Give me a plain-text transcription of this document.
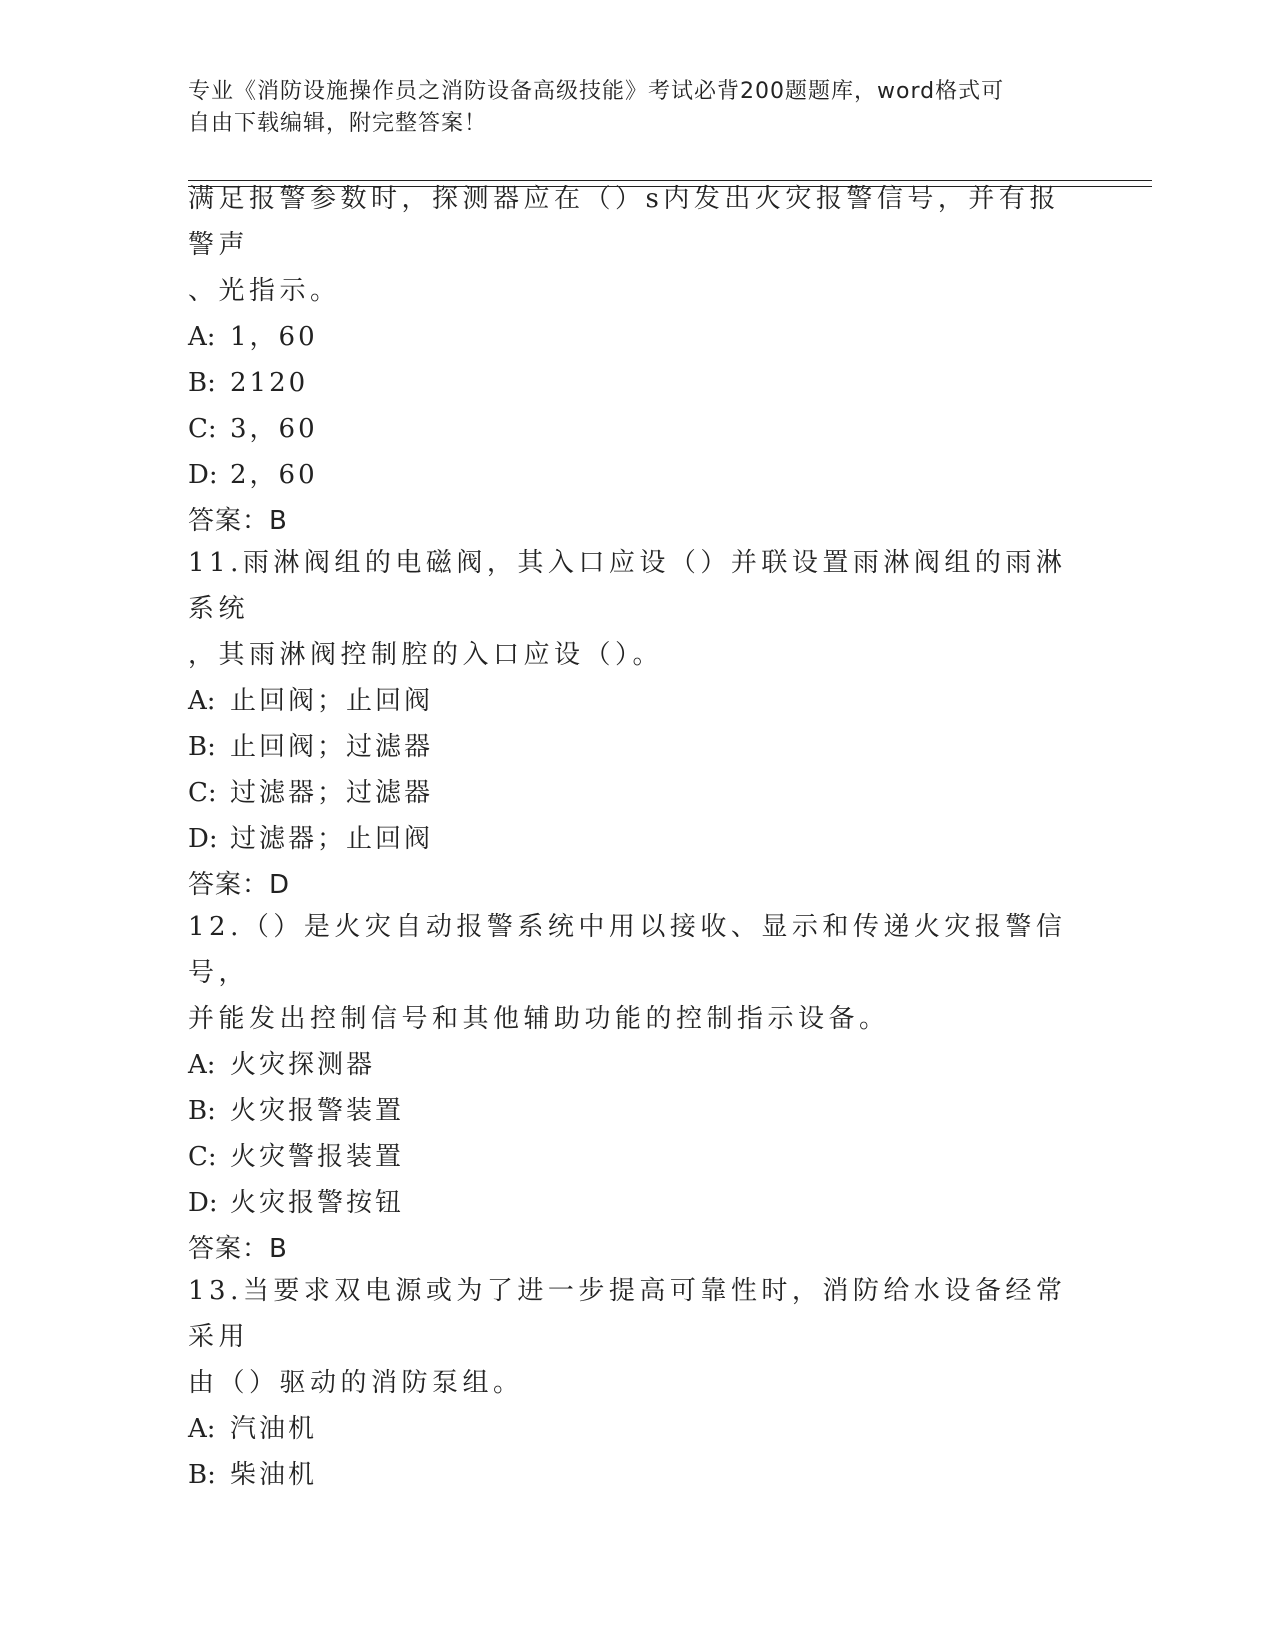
专业《消防设施操作员之消防设备高级技能》考试必背200题题库，word格式可
自由下载编辑，附完整答案！
满足报警参数时，探测器应在（）s内发出火灾报警信号，并有报警声
、光指示。
A: 1，60
B: 2120
C: 3，60
D: 2，60
答案：B
11.雨淋阀组的电磁阀，其入口应设（）并联设置雨淋阀组的雨淋系统
，其雨淋阀控制腔的入口应设（）。
A: 止回阀；止回阀
B: 止回阀；过滤器
C: 过滤器；过滤器
D: 过滤器；止回阀
答案：D
12.（）是火灾自动报警系统中用以接收、显示和传递火灾报警信号，
并能发出控制信号和其他辅助功能的控制指示设备。
A: 火灾探测器
B: 火灾报警装置
C: 火灾警报装置
D: 火灾报警按钮
答案：B
13.当要求双电源或为了进一步提高可靠性时，消防给水设备经常采用
由（）驱动的消防泵组。
A: 汽油机
B: 柴油机
